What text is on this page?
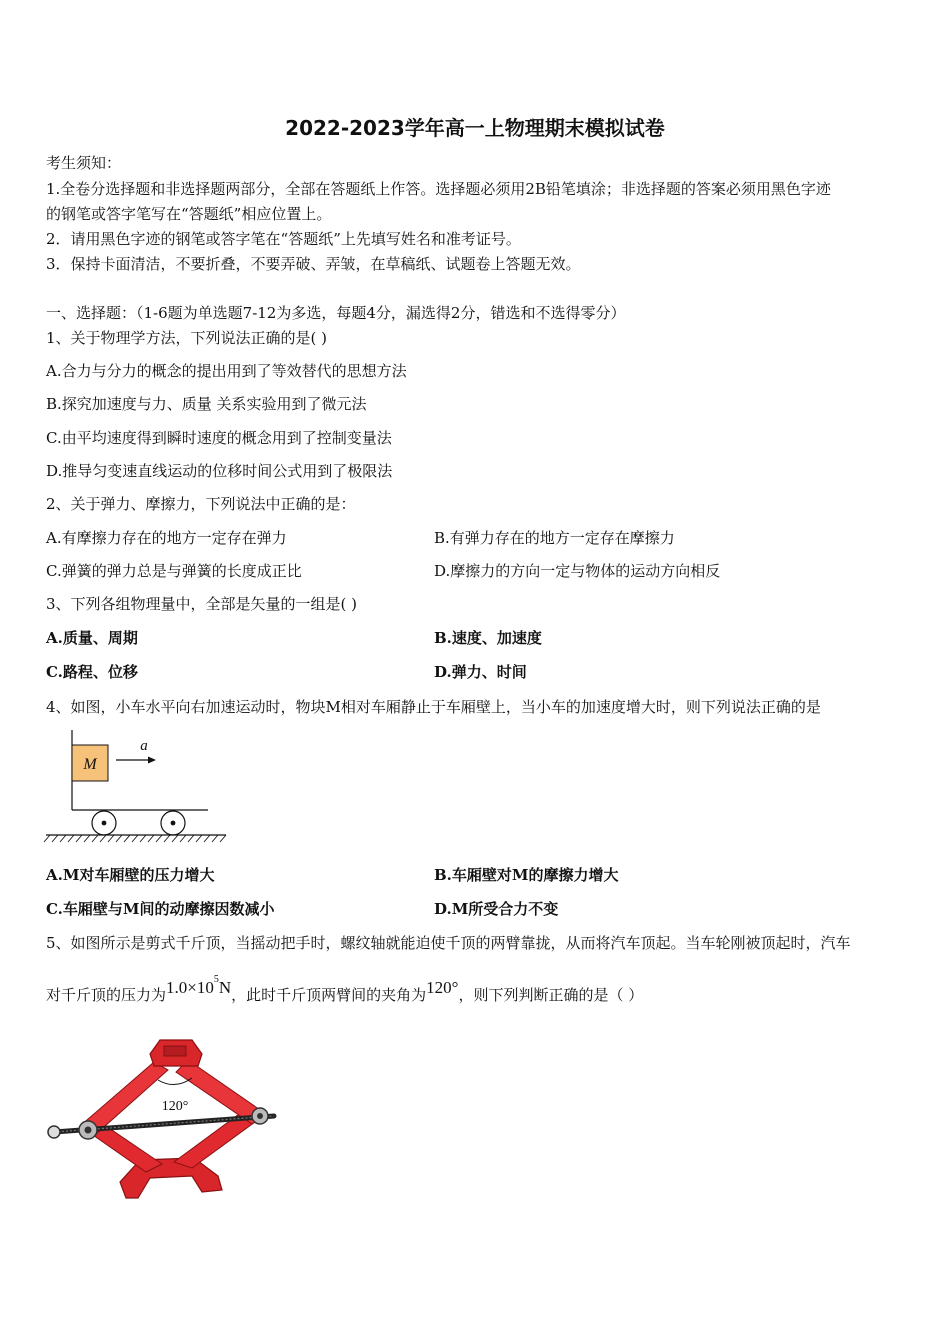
2022-2023学年高一上物理期末模拟试卷
考生须知：
1.全卷分选择题和非选择题两部分，全部在答题纸上作答。选择题必须用2B铅笔填涂；非选择题的答案必须用黑色字迹
的钢笔或答字笔写在“答题纸”相应位置上。
2．请用黑色字迹的钢笔或答字笔在“答题纸”上先填写姓名和准考证号。
3．保持卡面清洁，不要折叠，不要弄破、弄皱，在草稿纸、试题卷上答题无效。
一、选择题：（1-6题为单选题7-12为多选，每题4分，漏选得2分，错选和不选得零分）
1、关于物理学方法，下列说法正确的是( )
A.合力与分力的概念的提出用到了等效替代的思想方法
B.探究加速度与力、质量 关系实验用到了微元法
C.由平均速度得到瞬时速度的概念用到了控制变量法
D.推导匀变速直线运动的位移时间公式用到了极限法
2、关于弹力、摩擦力，下列说法中正确的是：
A.有摩擦力存在的地方一定存在弹力	B.有弹力存在的地方一定存在摩擦力
C.弹簧的弹力总是与弹簧的长度成正比	D.摩擦力的方向一定与物体的运动方向相反
3、下列各组物理量中，全部是矢量的一组是( )
A.质量、周期	B.速度、加速度
C.路程、位移	D.弹力、时间
4、如图，小车水平向右加速运动时，物块M相对车厢静止于车厢壁上，当小车的加速度增大时，则下列说法正确的是
M
a
A.M对车厢壁的压力增大	B.车厢壁对M的摩擦力增大
C.车厢壁与M间的动摩擦因数减小	D.M所受合力不变
5、如图所示是剪式千斤顶，当摇动把手时，螺纹轴就能迫使千顶的两臂靠拢，从而将汽车顶起。当车轮刚被顶起时，汽车
对千斤顶的压力为$1.0\times 10^5N$，此时千斤顶两臂间的夹角为120°，则下列判断正确的是（ ）
120°
